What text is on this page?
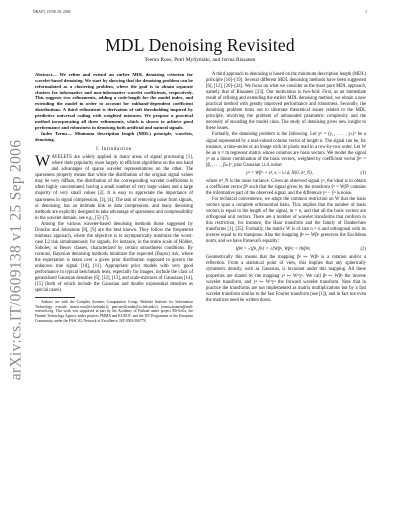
DRAFT, JUNE 28, 2006	1
arXiv:cs.IT/0609138 v1 25 Sep 2006
MDL Denoising Revisited
Teemu Roos, Petri Myllymäki, and Jorma Rissanen

Abstract— We refine and extend an earlier MDL denoising criterion for wavelet-based denoising. We start by showing that the denoising problem can be reformulated as a clustering problem, where the goal is to obtain separate clusters for informative and non-informative wavelet coefficients, respectively. This suggests two refinements, adding a code-length for the model index, and extending the model in order to account for subband-dependent coefficient distributions. A third refinement is derivation of soft thresholding inspired by predictive universal coding with weighted mixtures. We propose a practical method incorporating all three refinements, which is shown to achieve good performance and robustness in denoising both artificial and natural signals.

Index Terms— Minimum description length (MDL) principle, wavelets, denoising.

I. Introduction

WAVELETS are widely applied in many areas of signal processing [1], where their popularity owes largely to efficient algorithms on the one hand and advantages of sparse wavelet representations on the other. The sparseness property means that while the distribution of the original signal values may be very diffuse, the distribution of the corresponding wavelet coefficients is often highly concentrated, having a small number of very large values and a large majority of very small values [2]. It is easy to appreciate the importance of sparseness in signal compression, [3], [4]. The task of removing noise from signals, or denoising, has an intimate link to data compression, and many denoising methods are explicitly designed to take advantage of sparseness and compressibility in the wavelet domain, see e.g., [5]–[7].

Among the various wavelet-based denoising methods those suggested by Donoho and Johnstone [8], [9] are the best known. They follow the frequentist minimax approach, where the objective is to asymptotically minimize the worst-case L2 risk simultaneously for signals, for instance, in the entire scale of Hölder, Sobolev, or Besov classes, characterized by certain smoothness conditions. By contrast, Bayesian denoising methods minimize the expected (Bayes) risk, where the expectation is taken over a given prior distribution supposed to govern the unknown true signal [10], [11]. Appropriate prior models with very good performance in typical benchmark tests, especially for images, include the class of generalized Gaussian densities [6], [12], [13], and scale-mixtures of Gaussians [14], [15] (both of which include the Gaussian and double exponential densities as special cases).

Authors are with the Complex Systems Computation Group, Helsinki Institute for Information Technology. e-mails: teemu.roos@cs.helsinki.fi, petri.myllymaki@cs.helsinki.fi, jorma.rissanen@mdl-research.org. This work was supported in part by the Academy of Finland under project Mi-SoGa, the Finnish Technology Agency under projects PMMA and KUKOT, and the IST Programme of the European Community, under the PASCAL Network of Excellence, IST-2002-506778.

A third approach to denoising is based on the minimum description length (MDL) principle [16]–[19]. Several different MDL denoising methods have been suggested [6], [12], [20]–[24]. We focus on what we consider as the most pure MDL approach, namely that of Rissanen [23]. Our motivation is two-fold: First, as an immediate result of refining and extending the earlier MDL denoising method, we obtain a new practical method with greatly improved performance and robustness. Secondly, the denoising problem turns out to illustrate theoretical issues related to the MDL principle, involving the problem of unbounded parametric complexity and the necessity of encoding the model class. The study of denoising gives new insight to these issues.

Formally, the denoising problem is the following. Let yⁿ = (y₁, . . . , yₙ)ᵀ be a signal represented by a real-valued column vector of length n. The signal can be, for instance, a time-series or an image with its pixels read in a row-by-row order. Let W be an n × m regressor matrix whose columns are basis vectors. We model the signal yⁿ as a linear combination of the basis vectors, weighted by coefficient vector βᵐ = (β₁, . . . , βₘ)ᵀ, plus Gaussian i.i.d. noise:

yⁿ = Wβᵐ + εⁿ, εᵢ ~ i.i.d. N(0, σ²_N),	(1)

where σ²_N is the noise variance. Given an observed signal yⁿ, the ideal is to obtain a coefficient vector β̃ᵐ such that the signal given by the transform ỹⁿ = Wβ̃ᵐ contains the informative part of the observed signal, and the difference yⁿ − ỹⁿ is noise.

For technical convenience, we adopt the common restriction on W that the basis vectors span a complete orthonormal basis. This implies that the number of basis vectors is equal to the length of the signal, m = n, and that all the basis vectors are orthogonal unit vectors. There are a number of wavelet transforms that conform to this restriction, for instance, the Haar transform and the family of Daubechies transforms [1], [25]. Formally, the matrix W is of size n × n and orthogonal with its inverse equal to its transpose. Also the mapping βⁿ ↦ Wβⁿ preserves the Euclidean norm, and we have Parseval's equality:

‖βⁿ‖ = √⟨βⁿ, βⁿ⟩ = √⟨Wβⁿ, Wβⁿ⟩ = ‖Wβⁿ‖.	(2)

Geometrically this means that the mapping βⁿ ↦ Wβⁿ is a rotation and/or a reflection. From a statistical point of view, this implies that any spherically symmetric density, such as Gaussian, is invariant under this mapping. All these properties are shared by the mapping yⁿ ↦ Wᵀyⁿ. We call βⁿ ↦ Wβⁿ the inverse wavelet transform, and yⁿ ↦ Wᵀyⁿ the forward wavelet transform. Note that in practice the transforms are not implemented as matrix multiplications but by a fast wavelet transform similar to the fast Fourier transform (see [1]), and in fact not even the matrices need be written down.
